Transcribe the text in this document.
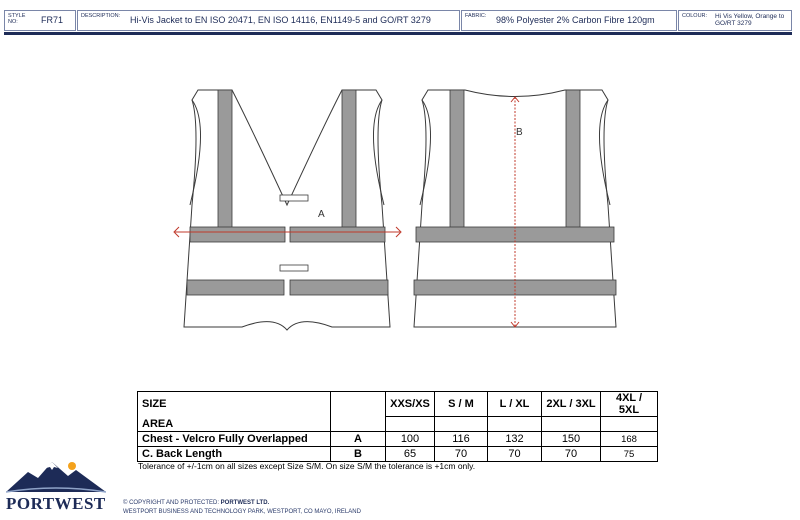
STYLE NO:	FR71	DESCRIPTION: Hi-Vis Jacket to EN ISO 20471, EN ISO 14116, EN1149-5 and GO/RT 3279	FABRIC: 98% Polyester 2% Carbon Fibre 120gm	COLOUR: Hi Vis Yellow, Orange to GO/RT 3279
A
B
SIZE		XXS/XS	S / M	L / XL	2XL / 3XL	4XL / 5XL
AREA						
Chest - Velcro Fully Overlapped	A	100	116	132	150	168
C. Back Length	B	65	70	70	70	75
Tolerance of +/-1cm on all sizes except Size S/M. On size S/M the tolerance is +1cm only.
PORTWEST	© COPYRIGHT AND PROTECTED: PORTWEST LTD.
WESTPORT BUSINESS AND TECHNOLOGY PARK, WESTPORT, CO MAYO, IRELAND
